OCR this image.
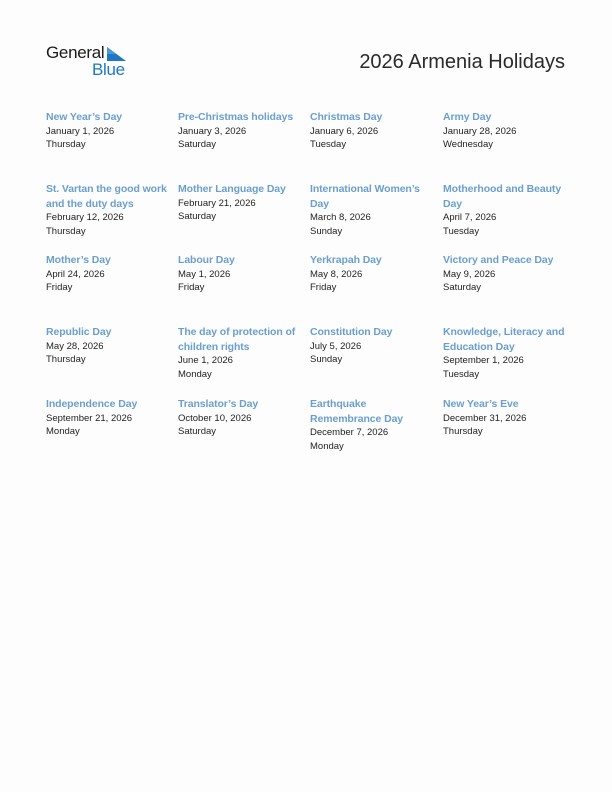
General
Blue	2026 Armenia Holidays
New Year’s Day
January 1, 2026
Thursday
Pre-Christmas holidays
January 3, 2026
Saturday
Christmas Day
January 6, 2026
Tuesday
Army Day
January 28, 2026
Wednesday
St. Vartan the good work and the duty days
February 12, 2026
Thursday
Mother Language Day
February 21, 2026
Saturday
International Women’s Day
March 8, 2026
Sunday
Motherhood and Beauty Day
April 7, 2026
Tuesday
Mother’s Day
April 24, 2026
Friday
Labour Day
May 1, 2026
Friday
Yerkrapah Day
May 8, 2026
Friday
Victory and Peace Day
May 9, 2026
Saturday
Republic Day
May 28, 2026
Thursday
The day of protection of children rights
June 1, 2026
Monday
Constitution Day
July 5, 2026
Sunday
Knowledge, Literacy and Education Day
September 1, 2026
Tuesday
Independence Day
September 21, 2026
Monday
Translator’s Day
October 10, 2026
Saturday
Earthquake Remembrance Day
December 7, 2026
Monday
New Year’s Eve
December 31, 2026
Thursday
